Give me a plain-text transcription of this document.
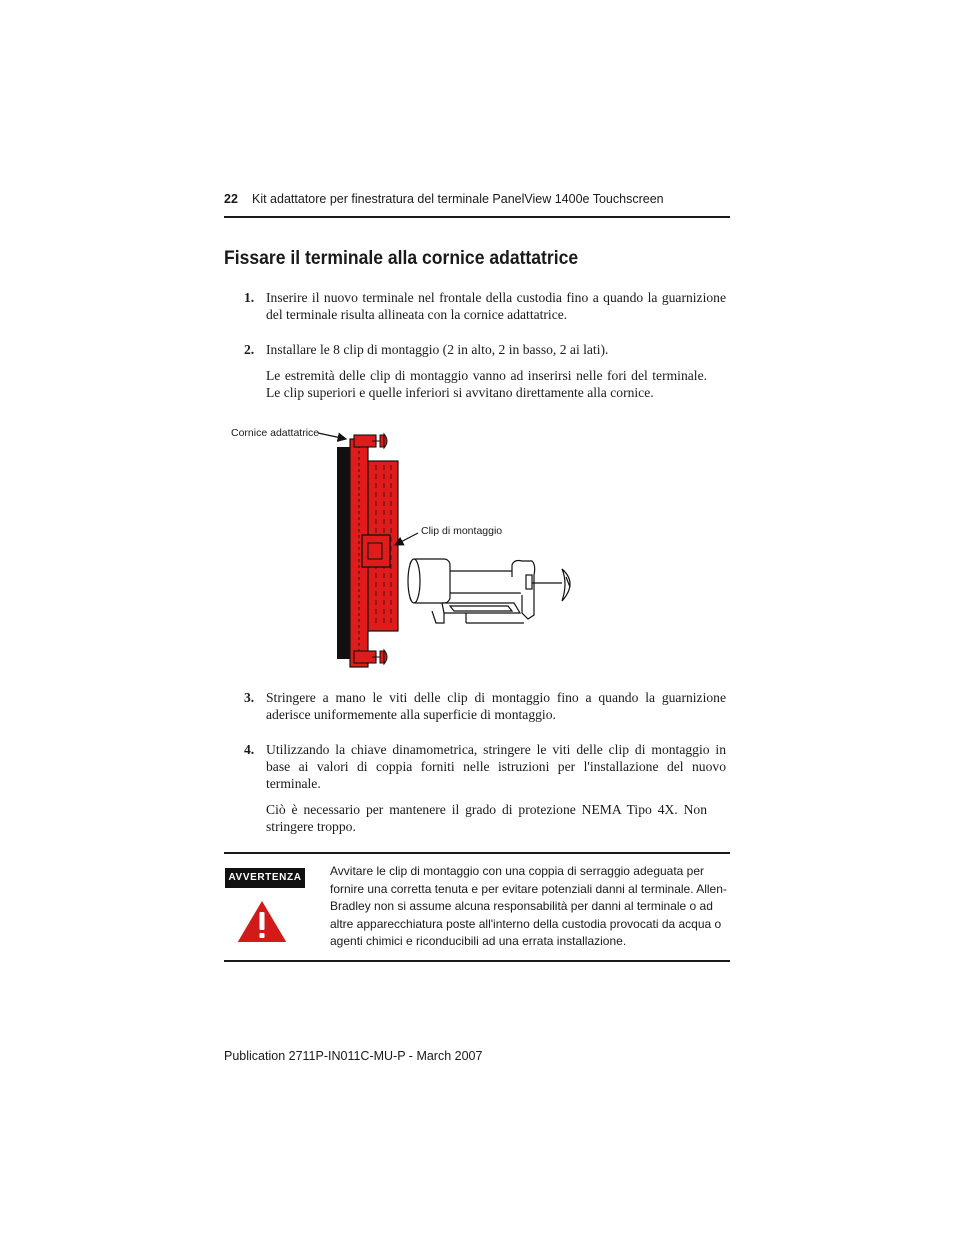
22 Kit adattatore per finestratura del terminale PanelView 1400e Touchscreen
Fissare il terminale alla cornice adattatrice
1. Inserire il nuovo terminale nel frontale della custodia fino a quando la guarnizione del terminale risulta allineata con la cornice adattatrice.
2. Installare le 8 clip di montaggio (2 in alto, 2 in basso, 2 ai lati).
Le estremità delle clip di montaggio vanno ad inserirsi nelle fori del terminale. Le clip superiori e quelle inferiori si avvitano direttamente alla cornice.
Cornice adattatrice
Clip di montaggio
3. Stringere a mano le viti delle clip di montaggio fino a quando la guarnizione aderisce uniformemente alla superficie di montaggio.
4. Utilizzando la chiave dinamometrica, stringere le viti delle clip di montaggio in base ai valori di coppia forniti nelle istruzioni per l'installazione del nuovo terminale.
Ciò è necessario per mantenere il grado di protezione NEMA Tipo 4X. Non stringere troppo.
AVVERTENZA Avvitare le clip di montaggio con una coppia di serraggio adeguata per fornire una corretta tenuta e per evitare potenziali danni al terminale. Allen-Bradley non si assume alcuna responsabilità per danni al terminale o ad altre apparecchiatura poste all'interno della custodia provocati da acqua o agenti chimici e riconducibili ad una errata installazione.
Publication 2711P-IN011C-MU-P - March 2007
